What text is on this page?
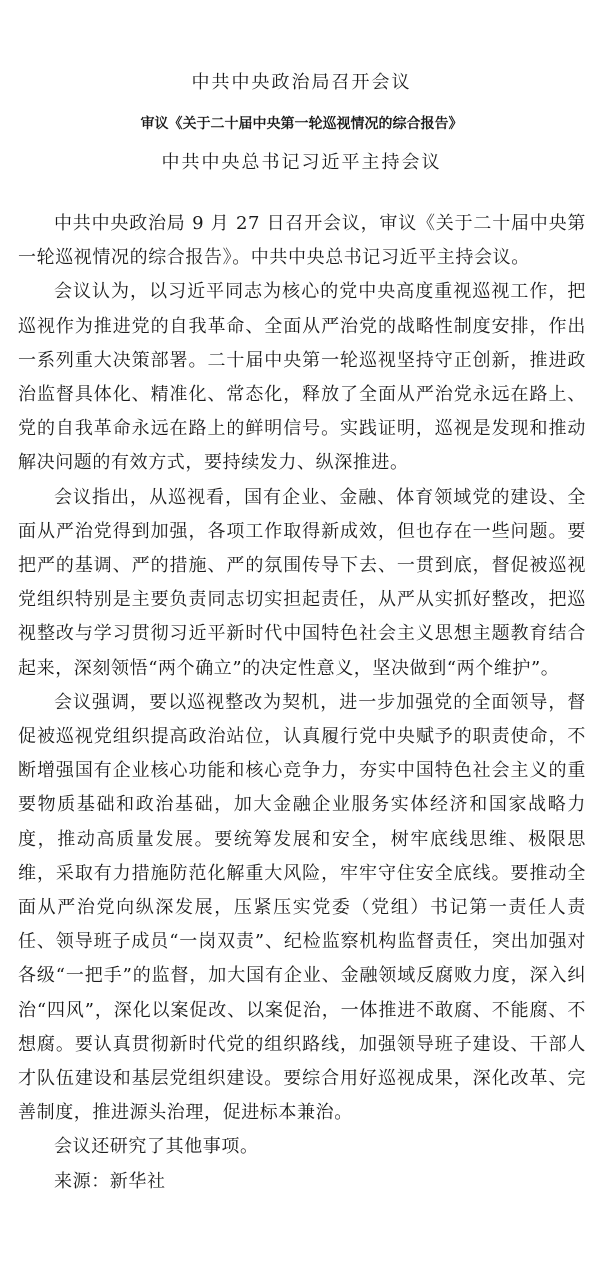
中共中央政治局召开会议
审议《关于二十届中央第一轮巡视情况的综合报告》
中共中央总书记习近平主持会议

中共中央政治局 9 月 27 日召开会议，审议《关于二十届中央第一轮巡视情况的综合报告》。中共中央总书记习近平主持会议。

会议认为，以习近平同志为核心的党中央高度重视巡视工作，把巡视作为推进党的自我革命、全面从严治党的战略性制度安排，作出一系列重大决策部署。二十届中央第一轮巡视坚持守正创新，推进政治监督具体化、精准化、常态化，释放了全面从严治党永远在路上、党的自我革命永远在路上的鲜明信号。实践证明，巡视是发现和推动解决问题的有效方式，要持续发力、纵深推进。

会议指出，从巡视看，国有企业、金融、体育领域党的建设、全面从严治党得到加强，各项工作取得新成效，但也存在一些问题。要把严的基调、严的措施、严的氛围传导下去、一贯到底，督促被巡视党组织特别是主要负责同志切实担起责任，从严从实抓好整改，把巡视整改与学习贯彻习近平新时代中国特色社会主义思想主题教育结合起来，深刻领悟“两个确立”的决定性意义，坚决做到“两个维护”。

会议强调，要以巡视整改为契机，进一步加强党的全面领导，督促被巡视党组织提高政治站位，认真履行党中央赋予的职责使命，不断增强国有企业核心功能和核心竞争力，夯实中国特色社会主义的重要物质基础和政治基础，加大金融企业服务实体经济和国家战略力度，推动高质量发展。要统筹发展和安全，树牢底线思维、极限思维，采取有力措施防范化解重大风险，牢牢守住安全底线。要推动全面从严治党向纵深发展，压紧压实党委（党组）书记第一责任人责任、领导班子成员“一岗双责”、纪检监察机构监督责任，突出加强对各级“一把手”的监督，加大国有企业、金融领域反腐败力度，深入纠治“四风”，深化以案促改、以案促治，一体推进不敢腐、不能腐、不想腐。要认真贯彻新时代党的组织路线，加强领导班子建设、干部人才队伍建设和基层党组织建设。要综合用好巡视成果，深化改革、完善制度，推进源头治理，促进标本兼治。

会议还研究了其他事项。

来源：新华社
